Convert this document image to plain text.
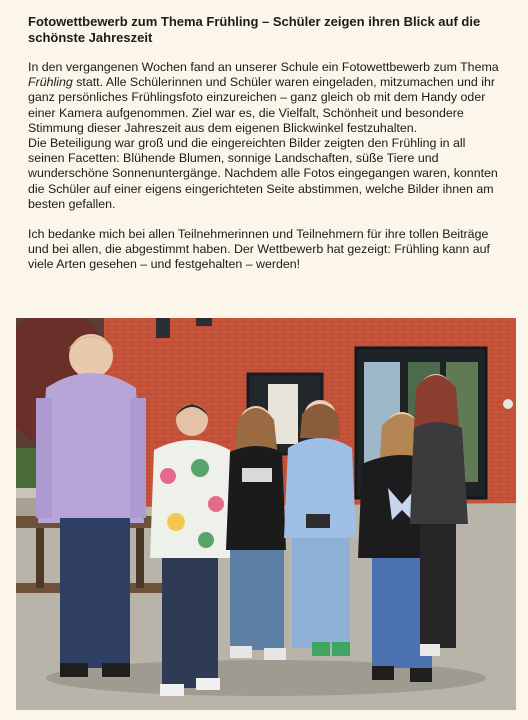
Fotowettbewerb zum Thema Frühling – Schüler zeigen ihren Blick auf die schönste Jahreszeit

In den vergangenen Wochen fand an unserer Schule ein Fotowettbewerb zum Thema Frühling statt. Alle Schülerinnen und Schüler waren eingeladen, mitzumachen und ihr ganz persönliches Frühlingsfoto einzureichen – ganz gleich ob mit dem Handy oder einer Kamera aufgenommen. Ziel war es, die Vielfalt, Schönheit und besondere Stimmung dieser Jahreszeit aus dem eigenen Blickwinkel festzuhalten.

Die Beteiligung war groß und die eingereichten Bilder zeigten den Frühling in all seinen Facetten: Blühende Blumen, sonnige Landschaften, süße Tiere und wunderschöne Sonnenuntergänge. Nachdem alle Fotos eingegangen waren, konnten die Schüler auf einer eigens eingerichteten Seite abstimmen, welche Bilder ihnen am besten gefallen.

Ich bedanke mich bei allen Teilnehmerinnen und Teilnehmern für ihre tollen Beiträge und bei allen, die abgestimmt haben. Der Wettbewerb hat gezeigt: Frühling kann auf viele Arten gesehen – und festgehalten – werden!
